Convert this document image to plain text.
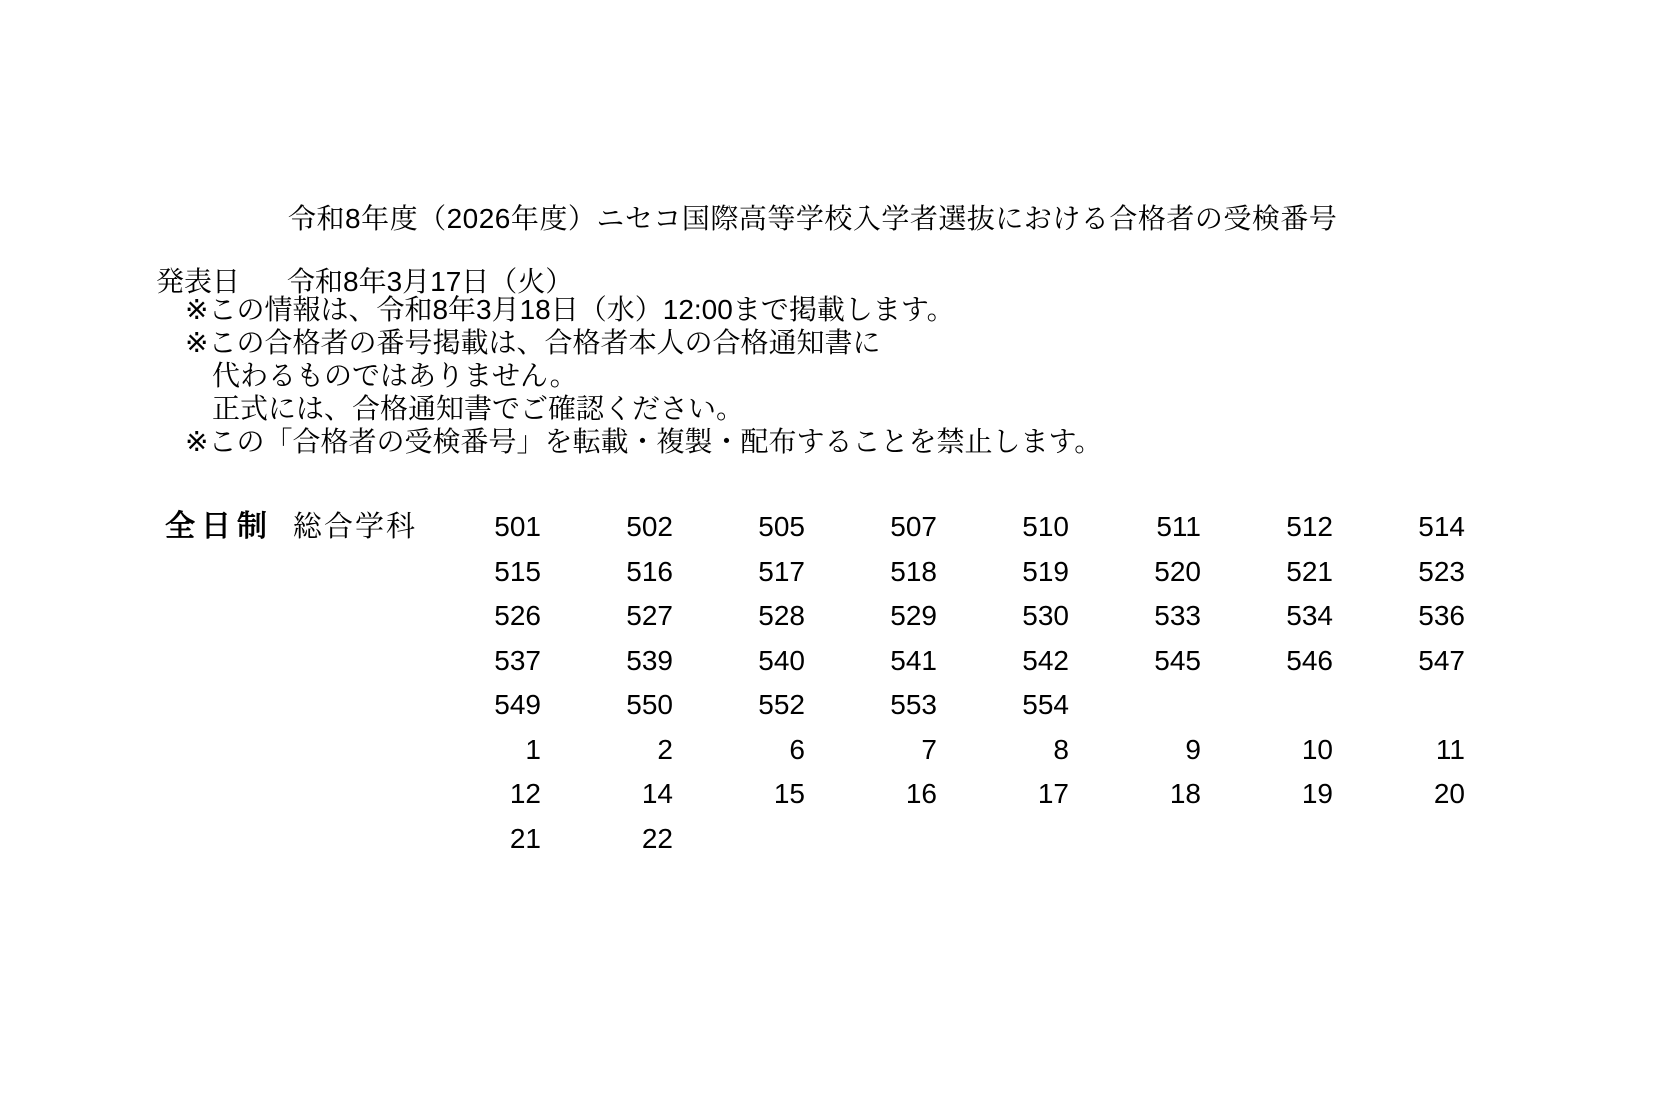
令和8年度（2026年度）ニセコ国際高等学校入学者選抜における合格者の受検番号
発表日 令和8年3月17日（火）
※この情報は、令和8年3月18日（水）12:00まで掲載します。
※この合格者の番号掲載は、合格者本人の合格通知書に
代わるものではありません。
正式には、合格通知書でご確認ください。
※この「合格者の受検番号」を転載・複製・配布することを禁止します。
全日制 総合学科	501	502	505	507	510	511	512	514
515	516	517	518	519	520	521	523
526	527	528	529	530	533	534	536
537	539	540	541	542	545	546	547
549	550	552	553	554
1	2	6	7	8	9	10	11
12	14	15	16	17	18	19	20
21	22
